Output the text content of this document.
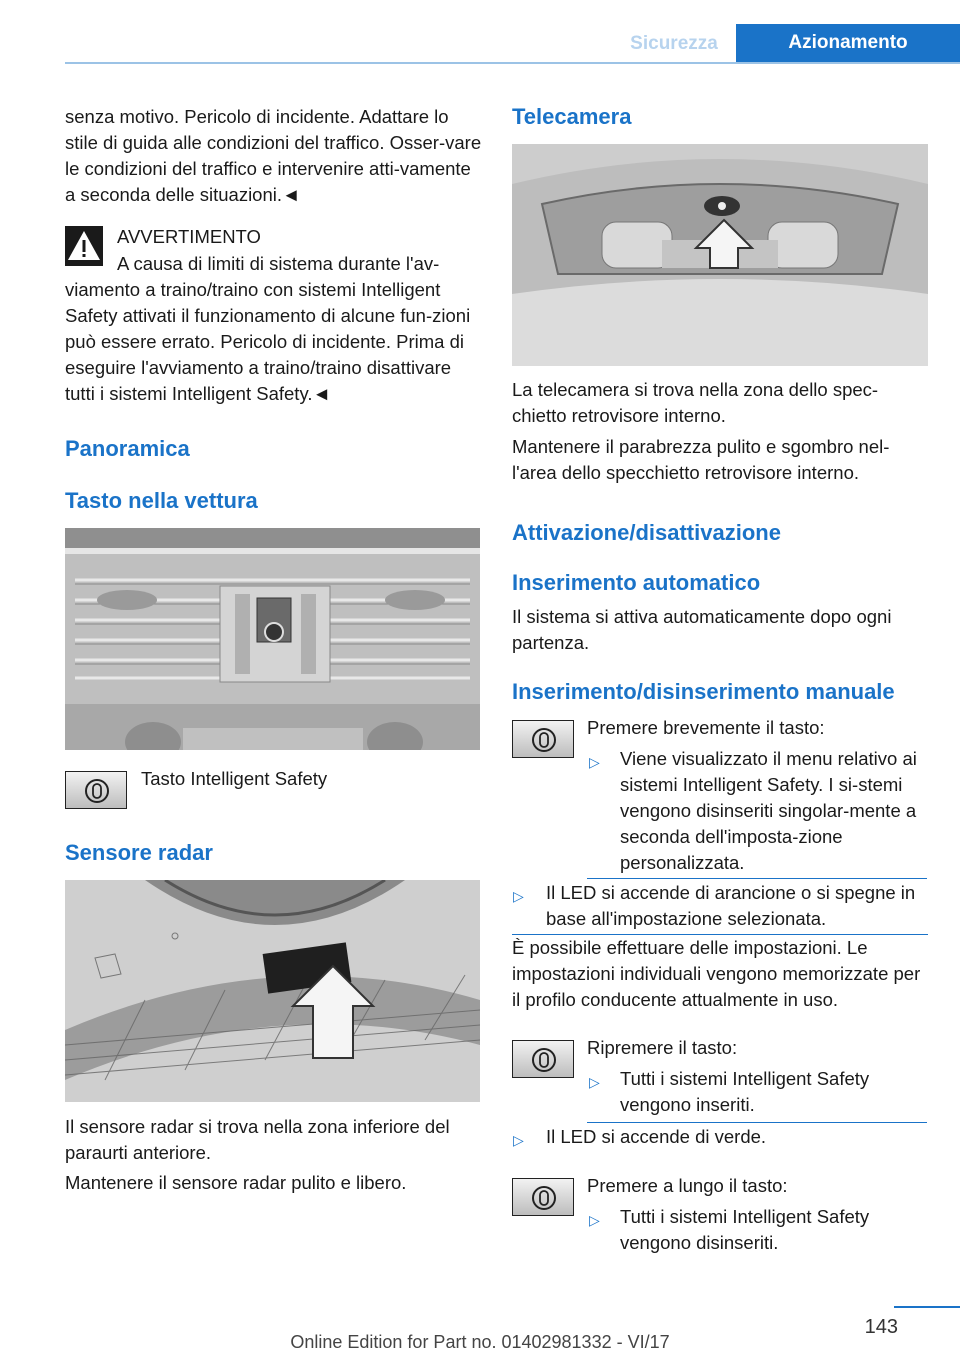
Sicurezza	Azionamento

senza motivo. Pericolo di incidente. Adattare lo stile di guida alle condizioni del traffico. Osser-vare le condizioni del traffico e intervenire atti-vamente a seconda delle situazioni.◄

AVVERTIMENTO

A causa di limiti di sistema durante l'av-viamento a traino/traino con sistemi Intelligent Safety attivati il funzionamento di alcune fun-zioni può essere errato. Pericolo di incidente. Prima di eseguire l'avviamento a traino/traino disattivare tutti i sistemi Intelligent Safety.◄

Panoramica
Tasto nella vettura

Tasto Intelligent Safety

Sensore radar

Il sensore radar si trova nella zona inferiore del paraurti anteriore.

Mantenere il sensore radar pulito e libero.

Telecamera

La telecamera si trova nella zona dello spec-chietto retrovisore interno.

Mantenere il parabrezza pulito e sgombro nel-l'area dello specchietto retrovisore interno.

Attivazione/disattivazione
Inserimento automatico

Il sistema si attiva automaticamente dopo ogni partenza.

Inserimento/disinserimento manuale

Premere brevemente il tasto:

▷ Viene visualizzato il menu relativo ai sistemi Intelligent Safety. I si-stemi vengono disinseriti singolar-mente a seconda dell'imposta-zione personalizzata.

▷ Il LED si accende di arancione o si spegne in base all'impostazione selezionata.

È possibile effettuare delle impostazioni. Le impostazioni individuali vengono memorizzate per il profilo conducente attualmente in uso.

Ripremere il tasto:

▷ Tutti i sistemi Intelligent Safety vengono inseriti.

▷ Il LED si accende di verde.

Premere a lungo il tasto:

▷ Tutti i sistemi Intelligent Safety vengono disinseriti.

143
Online Edition for Part no. 01402981332 - VI/17
